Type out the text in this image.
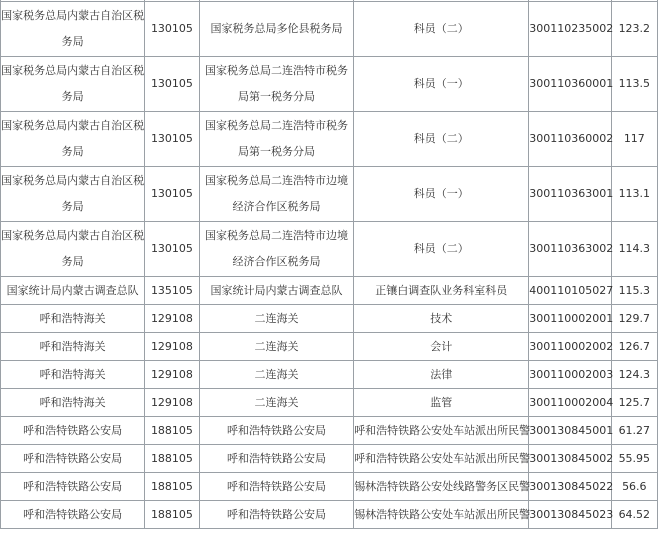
国家税务总局内蒙古自治区税务局	130105	国家税务总局多伦县税务局	科员（二）	300110235002	123.2
国家税务总局内蒙古自治区税务局	130105	国家税务总局二连浩特市税务局第一税务分局	科员（一）	300110360001	113.5
国家税务总局内蒙古自治区税务局	130105	国家税务总局二连浩特市税务局第一税务分局	科员（二）	300110360002	117
国家税务总局内蒙古自治区税务局	130105	国家税务总局二连浩特市边境经济合作区税务局	科员（一）	300110363001	113.1
国家税务总局内蒙古自治区税务局	130105	国家税务总局二连浩特市边境经济合作区税务局	科员（二）	300110363002	114.3
国家统计局内蒙古调查总队	135105	国家统计局内蒙古调查总队	正镶白调查队业务科室科员	400110105027	115.3
呼和浩特海关	129108	二连海关	技术	300110002001	129.7
呼和浩特海关	129108	二连海关	会计	300110002002	126.7
呼和浩特海关	129108	二连海关	法律	300110002003	124.3
呼和浩特海关	129108	二连海关	监管	300110002004	125.7
呼和浩特铁路公安局	188105	呼和浩特铁路公安局	呼和浩特铁路公安处车站派出所民警	300130845001	61.27
呼和浩特铁路公安局	188105	呼和浩特铁路公安局	呼和浩特铁路公安处车站派出所民警	300130845002	55.95
呼和浩特铁路公安局	188105	呼和浩特铁路公安局	锡林浩特铁路公安处线路警务区民警	300130845022	56.6
呼和浩特铁路公安局	188105	呼和浩特铁路公安局	锡林浩特铁路公安处车站派出所民警	300130845023	64.52
